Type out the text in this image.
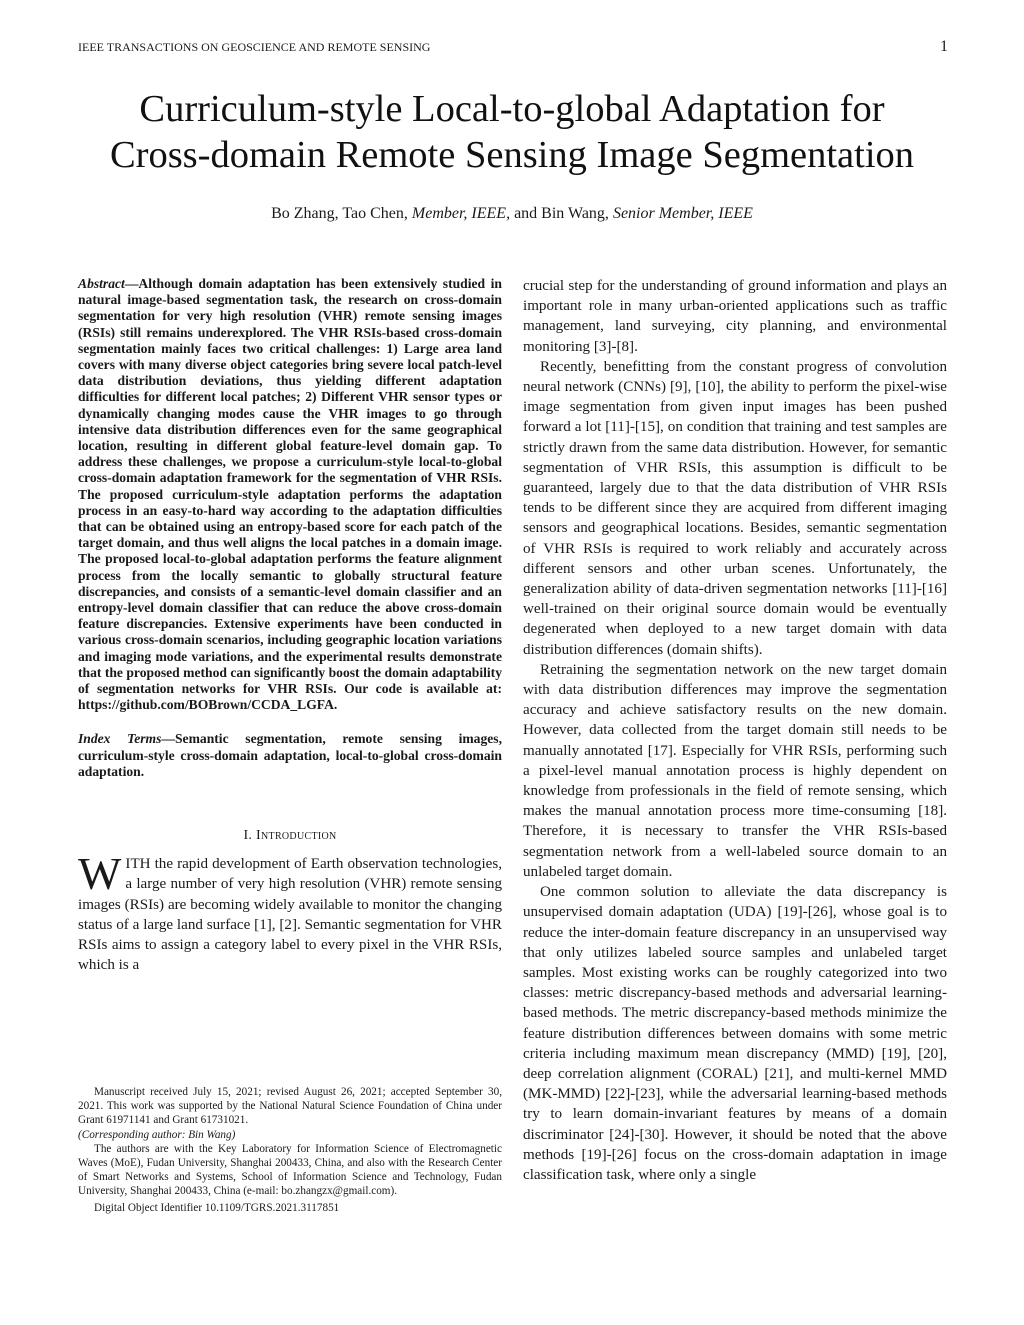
IEEE TRANSACTIONS ON GEOSCIENCE AND REMOTE SENSING	1
Curriculum-style Local-to-global Adaptation for
Cross-domain Remote Sensing Image Segmentation
Bo Zhang, Tao Chen, Member, IEEE, and Bin Wang, Senior Member, IEEE

Abstract—Although domain adaptation has been extensively studied in natural image-based segmentation task, the research on cross-domain segmentation for very high resolution (VHR) remote sensing images (RSIs) still remains underexplored. The VHR RSIs-based cross-domain segmentation mainly faces two critical challenges: 1) Large area land covers with many diverse object categories bring severe local patch-level data distribution deviations, thus yielding different adaptation difficulties for different local patches; 2) Different VHR sensor types or dynamically changing modes cause the VHR images to go through intensive data distribution differences even for the same geographical location, resulting in different global feature-level domain gap. To address these challenges, we propose a curriculum-style local-to-global cross-domain adaptation framework for the segmentation of VHR RSIs. The proposed curriculum-style adaptation performs the adaptation process in an easy-to-hard way according to the adaptation difficulties that can be obtained using an entropy-based score for each patch of the target domain, and thus well aligns the local patches in a domain image. The proposed local-to-global adaptation performs the feature alignment process from the locally semantic to globally structural feature discrepancies, and consists of a semantic-level domain classifier and an entropy-level domain classifier that can reduce the above cross-domain feature discrepancies. Extensive experiments have been conducted in various cross-domain scenarios, including geographic location variations and imaging mode variations, and the experimental results demonstrate that the proposed method can significantly boost the domain adaptability of segmentation networks for VHR RSIs. Our code is available at: https://github.com/BOBrown/CCDA_LGFA.

Index Terms—Semantic segmentation, remote sensing images, curriculum-style cross-domain adaptation, local-to-global cross-domain adaptation.

I. Introduction

WITH the rapid development of Earth observation technologies, a large number of very high resolution (VHR) remote sensing images (RSIs) are becoming widely available to monitor the changing status of a large land surface [1], [2]. Semantic segmentation for VHR RSIs aims to assign a category label to every pixel in the VHR RSIs, which is a

crucial step for the understanding of ground information and plays an important role in many urban-oriented applications such as traffic management, land surveying, city planning, and environmental monitoring [3]-[8].

Recently, benefitting from the constant progress of convolution neural network (CNNs) [9], [10], the ability to perform the pixel-wise image segmentation from given input images has been pushed forward a lot [11]-[15], on condition that training and test samples are strictly drawn from the same data distribution. However, for semantic segmentation of VHR RSIs, this assumption is difficult to be guaranteed, largely due to that the data distribution of VHR RSIs tends to be different since they are acquired from different imaging sensors and geographical locations. Besides, semantic segmentation of VHR RSIs is required to work reliably and accurately across different sensors and other urban scenes. Unfortunately, the generalization ability of data-driven segmentation networks [11]-[16] well-trained on their original source domain would be eventually degenerated when deployed to a new target domain with data distribution differences (domain shifts).

Retraining the segmentation network on the new target domain with data distribution differences may improve the segmentation accuracy and achieve satisfactory results on the new domain. However, data collected from the target domain still needs to be manually annotated [17]. Especially for VHR RSIs, performing such a pixel-level manual annotation process is highly dependent on knowledge from professionals in the field of remote sensing, which makes the manual annotation process more time-consuming [18]. Therefore, it is necessary to transfer the VHR RSIs-based segmentation network from a well-labeled source domain to an unlabeled target domain.

One common solution to alleviate the data discrepancy is unsupervised domain adaptation (UDA) [19]-[26], whose goal is to reduce the inter-domain feature discrepancy in an unsupervised way that only utilizes labeled source samples and unlabeled target samples. Most existing works can be roughly categorized into two classes: metric discrepancy-based methods and adversarial learning-based methods. The metric discrepancy-based methods minimize the feature distribution differences between domains with some metric criteria including maximum mean discrepancy (MMD) [19], [20], deep correlation alignment (CORAL) [21], and multi-kernel MMD (MK-MMD) [22]-[23], while the adversarial learning-based methods try to learn domain-invariant features by means of a domain discriminator [24]-[30]. However, it should be noted that the above methods [19]-[26] focus on the cross-domain adaptation in image classification task, where only a single

Manuscript received July 15, 2021; revised August 26, 2021; accepted September 30, 2021. This work was supported by the National Natural Science Foundation of China under Grant 61971141 and Grant 61731021.
(Corresponding author: Bin Wang)

The authors are with the Key Laboratory for Information Science of Electromagnetic Waves (MoE), Fudan University, Shanghai 200433, China, and also with the Research Center of Smart Networks and Systems, School of Information Science and Technology, Fudan University, Shanghai 200433, China (e-mail: bo.zhangzx@gmail.com).

Digital Object Identifier 10.1109/TGRS.2021.3117851
